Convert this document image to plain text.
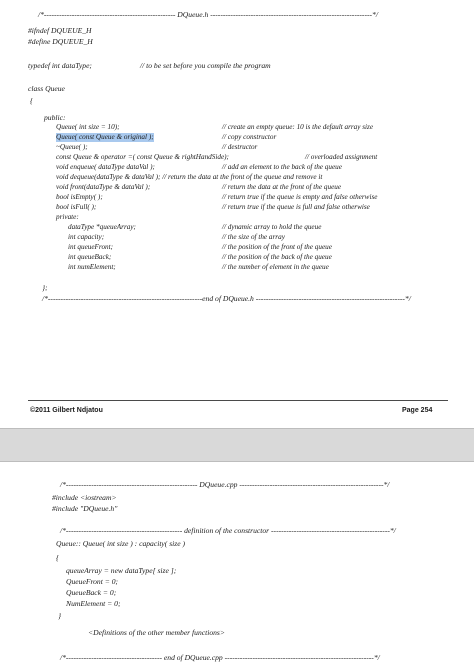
/*---------------------------------------------------- DQueue.h ----------------------------------------------------------------*/
#ifndef DQUEUE_H
#define DQUEUE_H
typedef int dataType;	// to be set before you compile the program
class Queue
{
public:
Queue( int size = 10);	// create an empty queue: 10 is the default array size
Queue( const Queue & original );	// copy constructor
~Queue( );	// destructor
const Queue & operator =( const Queue & rightHandSide);	// overloaded assignment
void enqueue( dataType dataVal );	// add an element to the back of the queue
void dequeue(dataType & dataVal ); // return the data at the front of the queue and remove it
void front(dataType & dataVal );	// return the data at the front of the queue
bool isEmpty( );	// return true if the queue is empty and false otherwise
bool isFull( );	// return true if the queue is full and false otherwise
private:
dataType *queueArray;	// dynamic array to hold the queue
int capacity;	// the size of the array
int queueFront;	// the position of the front of the queue
int queueBack;	// the position of the back of the queue
int numElement;	// the number of element in the queue
};
/*-------------------------------------------------------------end of DQueue.h -----------------------------------------------------------*/
©2011 Gilbert Ndjatou	Page 254
/*---------------------------------------------------- DQueue.cpp ---------------------------------------------------------*/
#include <iostream>
#include "DQueue.h"
/*---------------------------------------------- definition of the constructor -----------------------------------------------*/
Queue:: Queue( int size ) : capacity( size )
{
queueArray = new dataType[ size ];
QueueFront = 0;
QueueBack = 0;
NumElement = 0;
}
<Definitions of the other member functions>
/*-------------------------------------- end of DQueue.cpp -----------------------------------------------------------*/
